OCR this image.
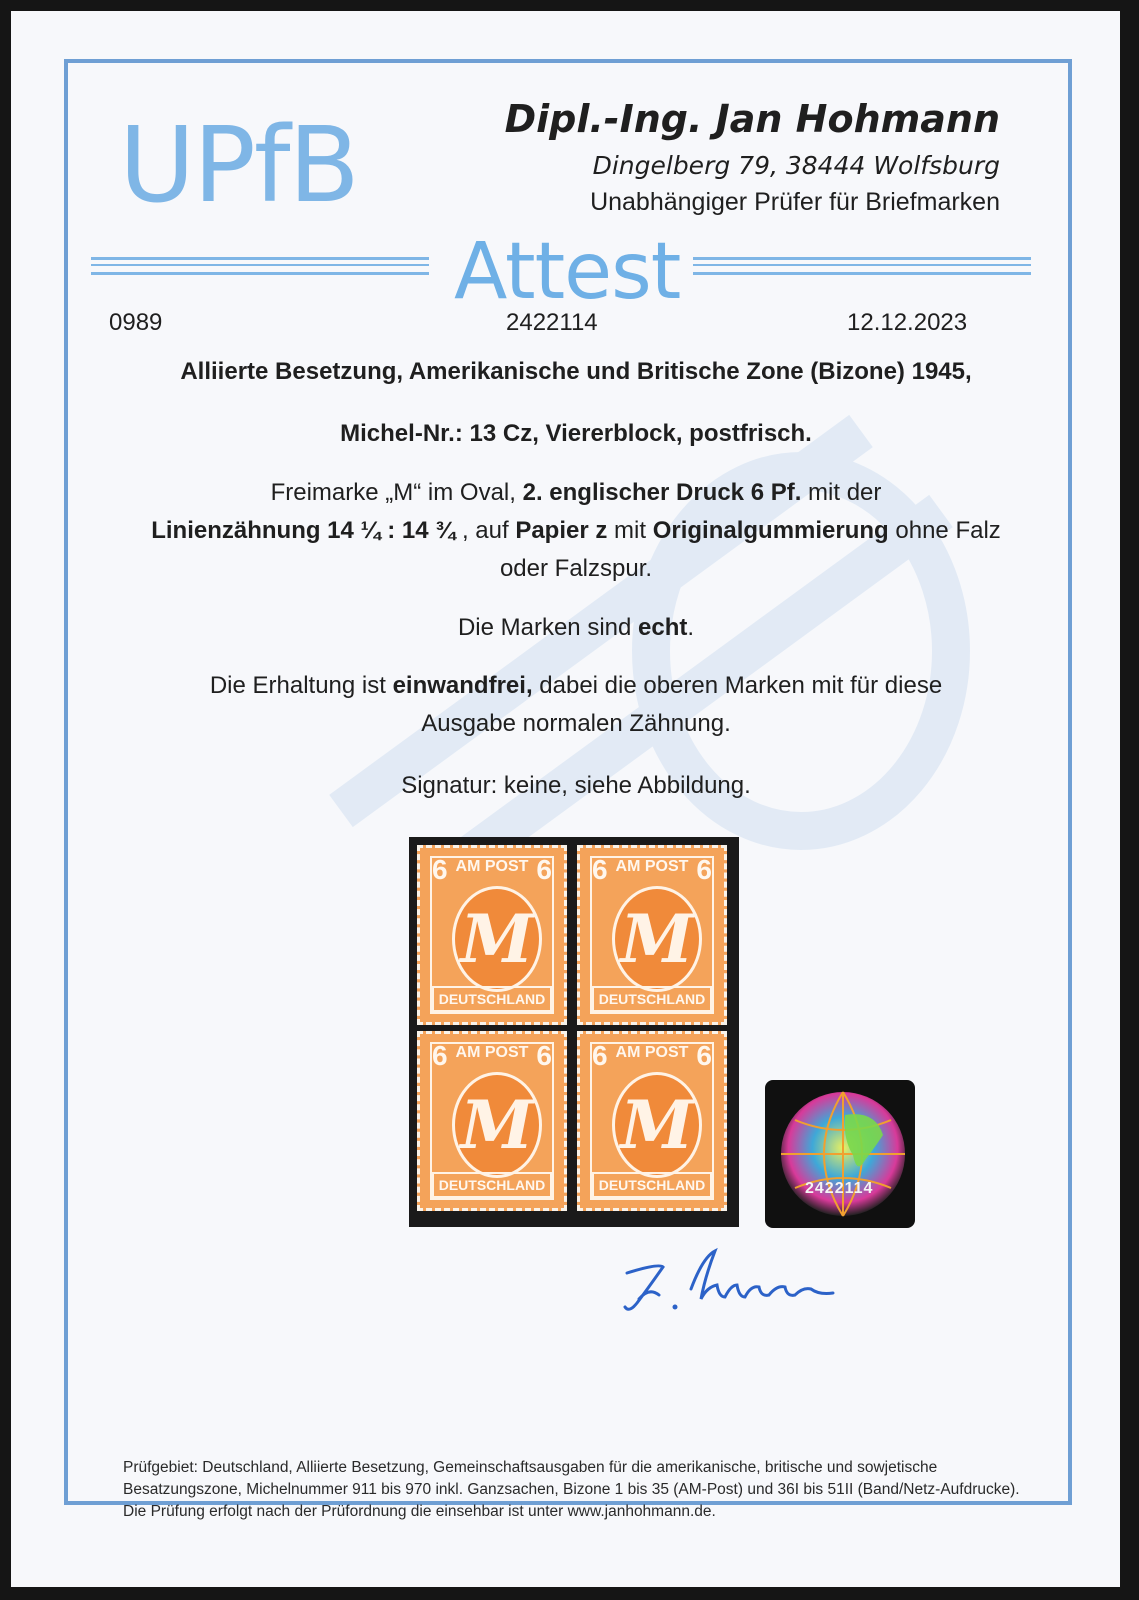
UPfB	Dipl.-Ing. Jan Hohmann
Dingelberg 79, 38444 Wolfsburg
Unabhängiger Prüfer für Briefmarken
Attest
0989	2422114	12.12.2023
Alliierte Besetzung, Amerikanische und Britische Zone (Bizone) 1945,
Michel-Nr.: 13 Cz, Viererblock, postfrisch.
Freimarke „M“ im Oval, 2. englischer Druck 6 Pf. mit der
Linienzähnung 14 ¼ : 14 ¾ , auf Papier z mit Originalgummierung ohne Falz
oder Falzspur.
Die Marken sind echt.
Die Erhaltung ist einwandfrei, dabei die oberen Marken mit für diese
Ausgabe normalen Zähnung.
Signatur: keine, siehe Abbildung.
6	6
AM POST
M
DEUTSCHLAND
6	6
AM POST
M
DEUTSCHLAND
6	6
AM POST
M
DEUTSCHLAND
6	6
AM POST
M
DEUTSCHLAND	2422114
Prüfgebiet: Deutschland, Alliierte Besetzung, Gemeinschaftsausgaben für die amerikanische, britische und sowjetische Besatzungszone, Michelnummer 911 bis 970 inkl. Ganzsachen, Bizone 1 bis 35 (AM-Post) und 36I bis 51II (Band/Netz-Aufdrucke). Die Prüfung erfolgt nach der Prüfordnung die einsehbar ist unter www.janhohmann.de.
